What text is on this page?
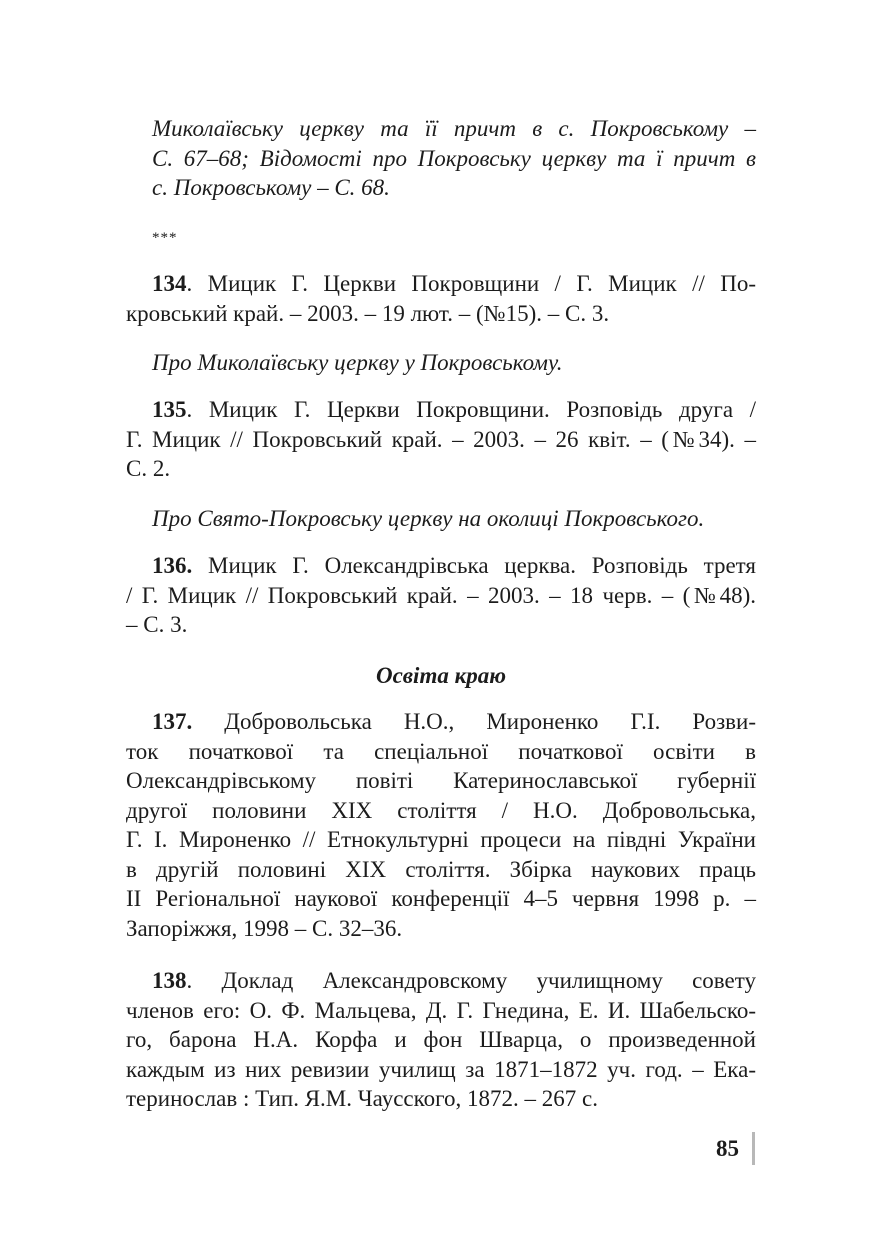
Миколаївську церкву та її причт в с. Покровському –
С. 67–68; Відомості про Покровську церкву та ї причт в
с. Покровському – С. 68.
***
134. Мицик Г. Церкви Покровщини / Г. Мицик // По-
кровський край. – 2003. – 19 лют. – (№15). – С. 3.
Про Миколаївську церкву у Покровському.
135. Мицик Г. Церкви Покровщини. Розповідь друга /
Г. Мицик // Покровський край. – 2003. – 26 квіт. – (№34). –
С. 2.
Про Свято-Покровську церкву на околиці Покровського.
136. Мицик Г. Олександрівська церква. Розповідь третя
/ Г. Мицик // Покровський край. – 2003. – 18 черв. – (№48).
– С. 3.
Освіта краю
137. Добровольська Н.О., Мироненко Г.І. Розви-
ток початкової та спеціальної початкової освіти в
Олександрівському повіті Катеринославської губернії
другої половини XIX століття / Н.О. Добровольська,
Г. І. Мироненко // Етнокультурні процеси на півдні України
в другій половині XIX століття. Збірка наукових праць
ІІ Регіональної наукової конференції 4–5 червня 1998 р. –
Запоріжжя, 1998 – С. 32–36.
138. Доклад Александровскому училищному совету
членов его: О. Ф. Мальцева, Д. Г. Гнедина, Е. И. Шабельско-
го, барона Н.А. Корфа и фон Шварца, о произведенной
каждым из них ревизии училищ за 1871–1872 уч. год. – Ека-
теринослав : Тип. Я.М. Чаусского, 1872. – 267 с.
85
